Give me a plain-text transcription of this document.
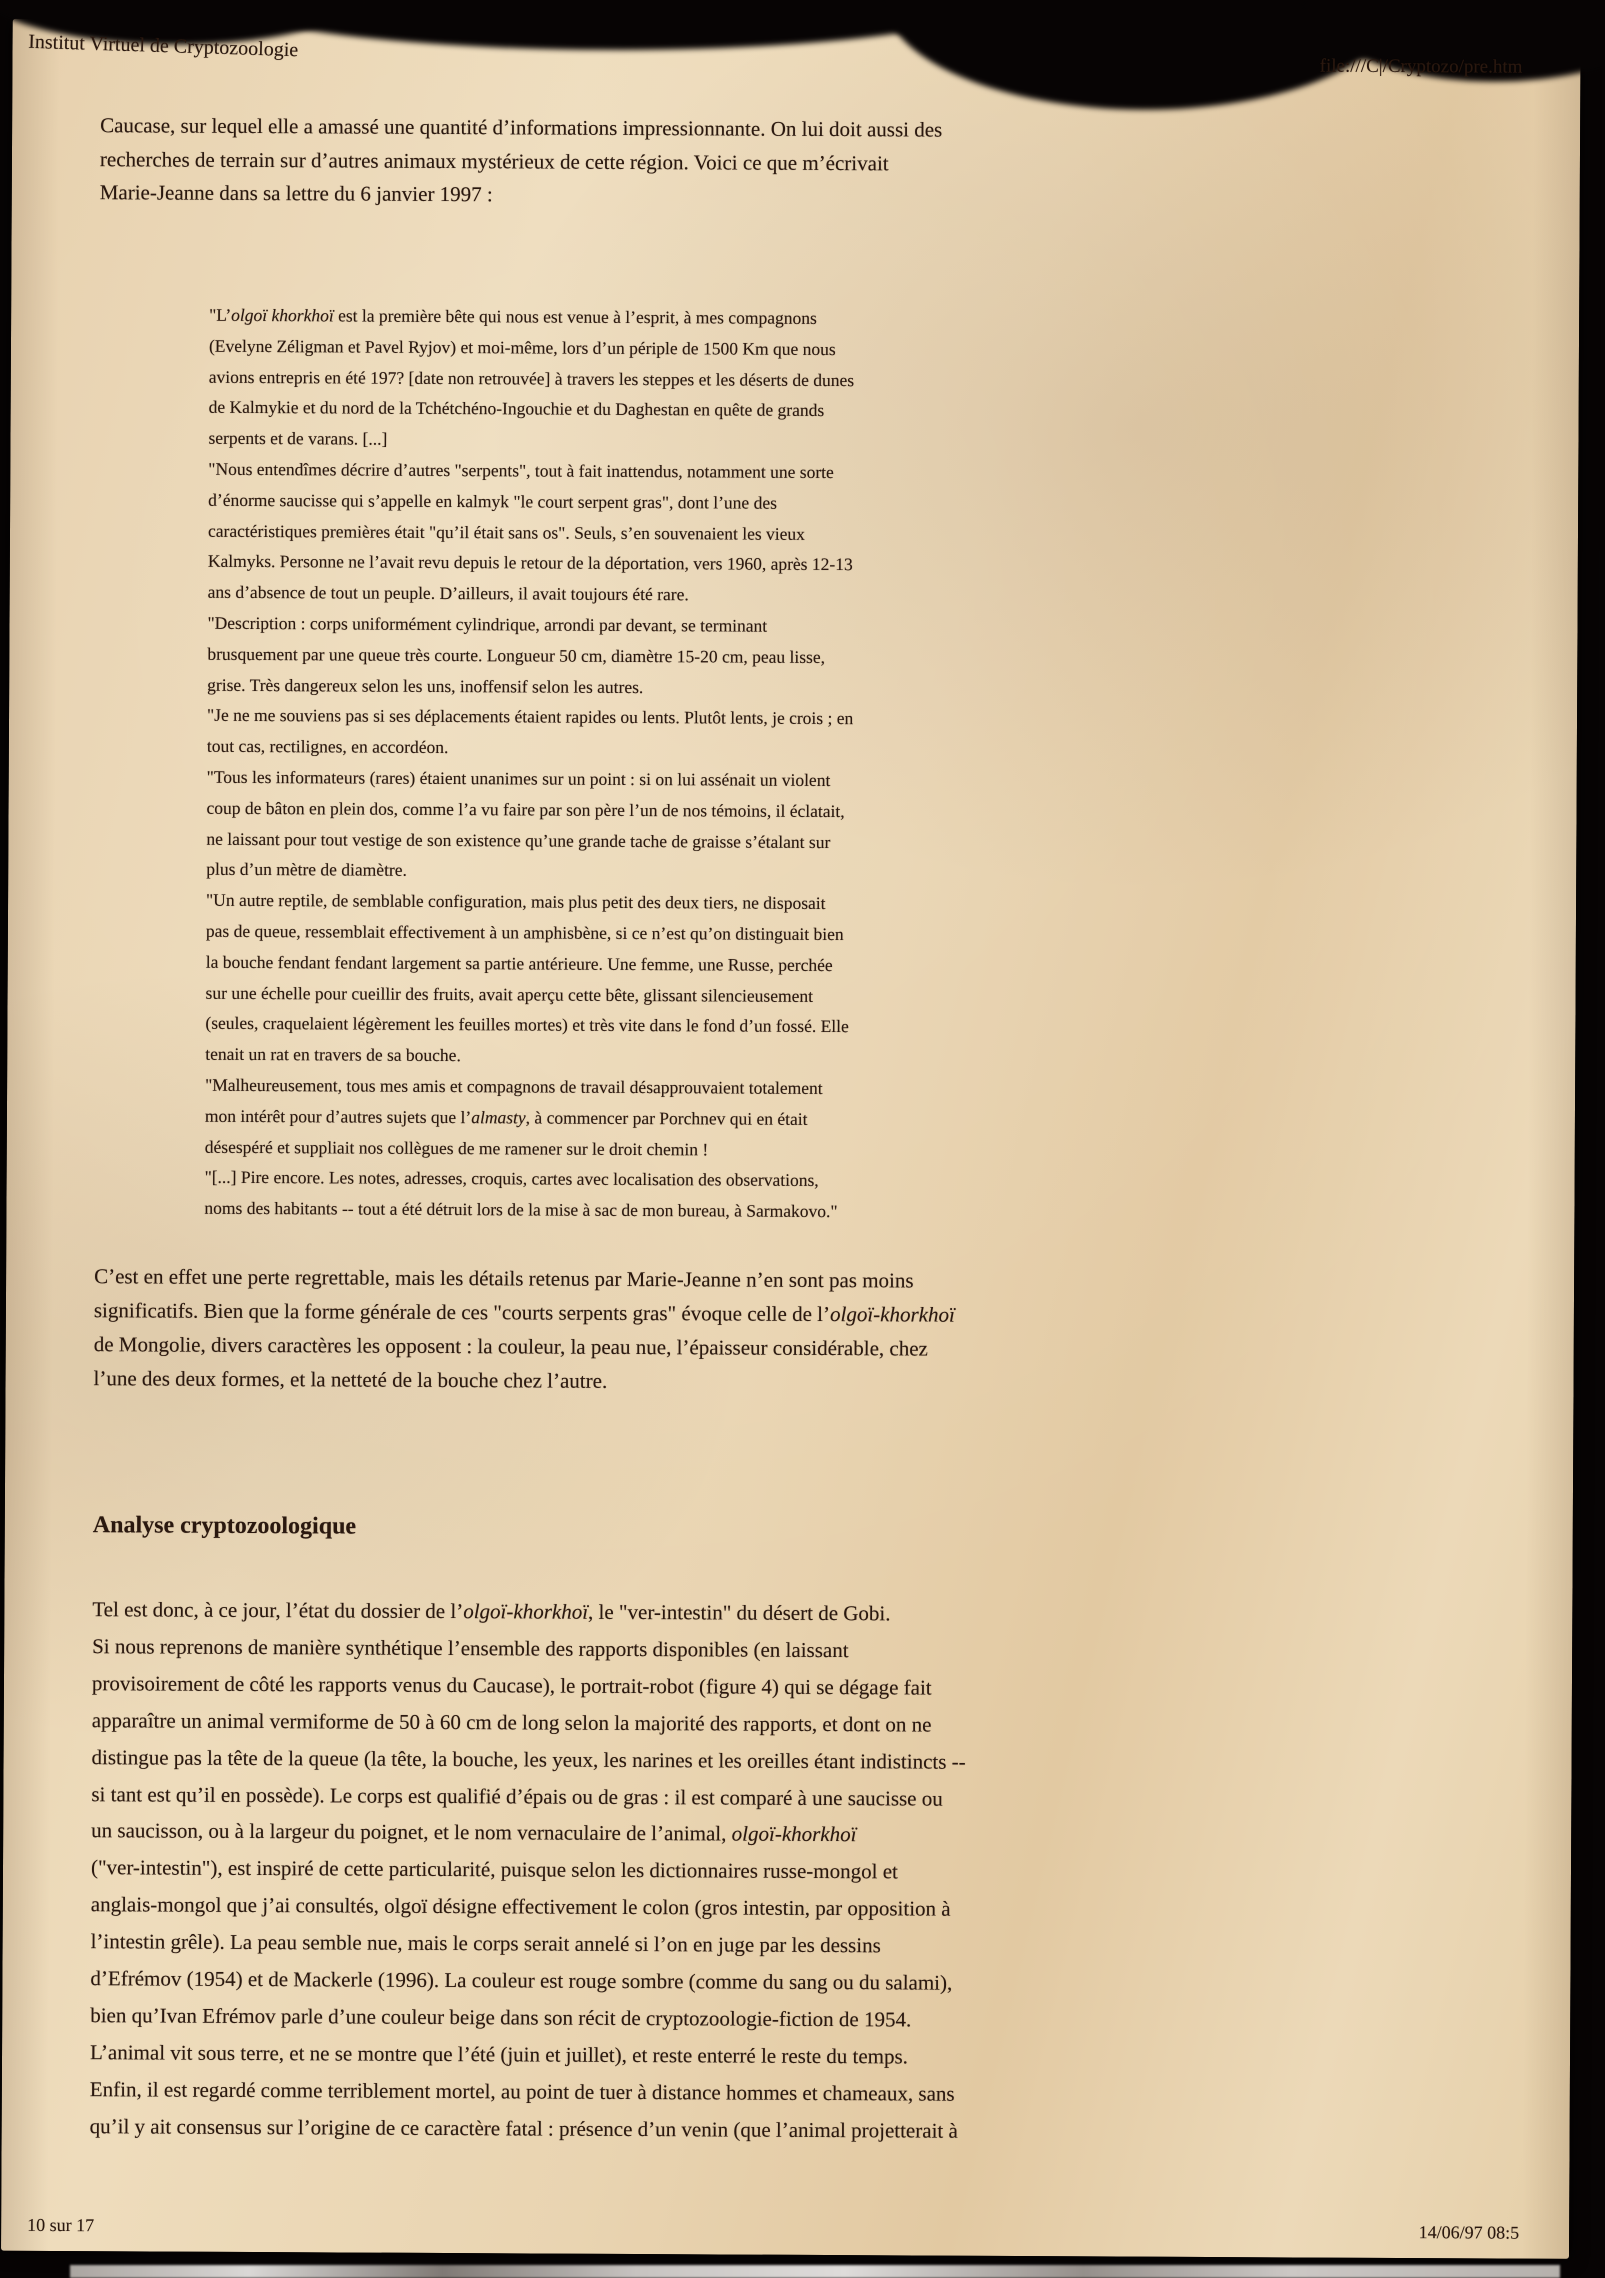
Institut Virtuel de Cryptozoologie
file:///C|/Cryptozo/pre.htm
Caucase, sur lequel elle a amassé une quantité d’informations impressionnante. On lui doit aussi des
recherches de terrain sur d’autres animaux mystérieux de cette région. Voici ce que m’écrivait
Marie-Jeanne dans sa lettre du 6 janvier 1997 :
"L’olgoï khorkhoï est la première bête qui nous est venue à l’esprit, à mes compagnons
(Evelyne Zéligman et Pavel Ryjov) et moi-même, lors d’un périple de 1500 Km que nous
avions entrepris en été 197? [date non retrouvée] à travers les steppes et les déserts de dunes
de Kalmykie et du nord de la Tchétchéno-Ingouchie et du Daghestan en quête de grands
serpents et de varans. [...]
"Nous entendîmes décrire d’autres "serpents", tout à fait inattendus, notamment une sorte
d’énorme saucisse qui s’appelle en kalmyk "le court serpent gras", dont l’une des
caractéristiques premières était "qu’il était sans os". Seuls, s’en souvenaient les vieux
Kalmyks. Personne ne l’avait revu depuis le retour de la déportation, vers 1960, après 12-13
ans d’absence de tout un peuple. D’ailleurs, il avait toujours été rare.
"Description : corps uniformément cylindrique, arrondi par devant, se terminant
brusquement par une queue très courte. Longueur 50 cm, diamètre 15-20 cm, peau lisse,
grise. Très dangereux selon les uns, inoffensif selon les autres.
"Je ne me souviens pas si ses déplacements étaient rapides ou lents. Plutôt lents, je crois ; en
tout cas, rectilignes, en accordéon.
"Tous les informateurs (rares) étaient unanimes sur un point : si on lui assénait un violent
coup de bâton en plein dos, comme l’a vu faire par son père l’un de nos témoins, il éclatait,
ne laissant pour tout vestige de son existence qu’une grande tache de graisse s’étalant sur
plus d’un mètre de diamètre.
"Un autre reptile, de semblable configuration, mais plus petit des deux tiers, ne disposait
pas de queue, ressemblait effectivement à un amphisbène, si ce n’est qu’on distinguait bien
la bouche fendant fendant largement sa partie antérieure. Une femme, une Russe, perchée
sur une échelle pour cueillir des fruits, avait aperçu cette bête, glissant silencieusement
(seules, craquelaient légèrement les feuilles mortes) et très vite dans le fond d’un fossé. Elle
tenait un rat en travers de sa bouche.
"Malheureusement, tous mes amis et compagnons de travail désapprouvaient totalement
mon intérêt pour d’autres sujets que l’almasty, à commencer par Porchnev qui en était
désespéré et suppliait nos collègues de me ramener sur le droit chemin !
"[...] Pire encore. Les notes, adresses, croquis, cartes avec localisation des observations,
noms des habitants -- tout a été détruit lors de la mise à sac de mon bureau, à Sarmakovo."
C’est en effet une perte regrettable, mais les détails retenus par Marie-Jeanne n’en sont pas moins
significatifs. Bien que la forme générale de ces "courts serpents gras" évoque celle de l’olgoï-khorkhoï
de Mongolie, divers caractères les opposent : la couleur, la peau nue, l’épaisseur considérable, chez
l’une des deux formes, et la netteté de la bouche chez l’autre.
Analyse cryptozoologique
Tel est donc, à ce jour, l’état du dossier de l’olgoï-khorkhoï, le "ver-intestin" du désert de Gobi.
Si nous reprenons de manière synthétique l’ensemble des rapports disponibles (en laissant
provisoirement de côté les rapports venus du Caucase), le portrait-robot (figure 4) qui se dégage fait
apparaître un animal vermiforme de 50 à 60 cm de long selon la majorité des rapports, et dont on ne
distingue pas la tête de la queue (la tête, la bouche, les yeux, les narines et les oreilles étant indistincts --
si tant est qu’il en possède). Le corps est qualifié d’épais ou de gras : il est comparé à une saucisse ou
un saucisson, ou à la largeur du poignet, et le nom vernaculaire de l’animal, olgoï-khorkhoï
("ver-intestin"), est inspiré de cette particularité, puisque selon les dictionnaires russe-mongol et
anglais-mongol que j’ai consultés, olgoï désigne effectivement le colon (gros intestin, par opposition à
l’intestin grêle). La peau semble nue, mais le corps serait annelé si l’on en juge par les dessins
d’Efrémov (1954) et de Mackerle (1996). La couleur est rouge sombre (comme du sang ou du salami),
bien qu’Ivan Efrémov parle d’une couleur beige dans son récit de cryptozoologie-fiction de 1954.
L’animal vit sous terre, et ne se montre que l’été (juin et juillet), et reste enterré le reste du temps.
Enfin, il est regardé comme terriblement mortel, au point de tuer à distance hommes et chameaux, sans
qu’il y ait consensus sur l’origine de ce caractère fatal : présence d’un venin (que l’animal projetterait à
10 sur 17	14/06/97 08:5
